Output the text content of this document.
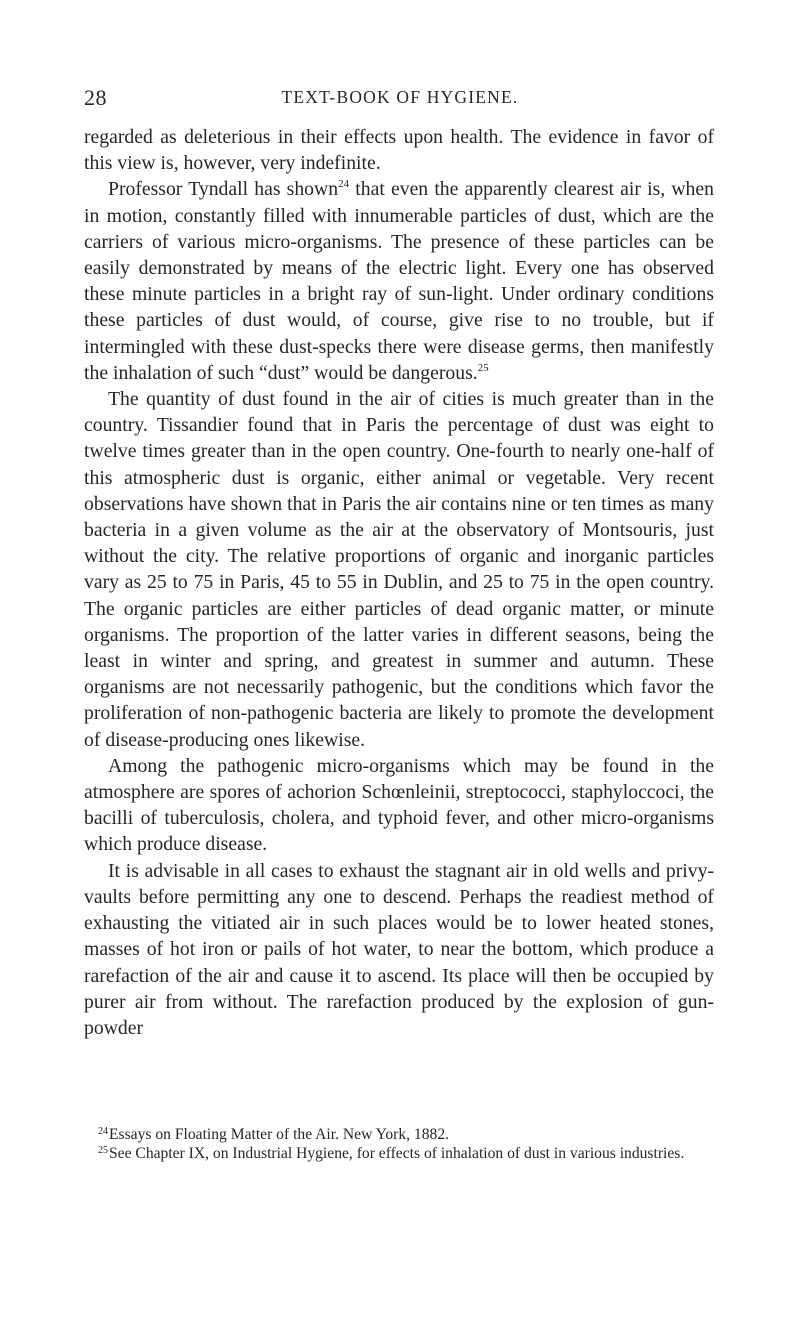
28	TEXT-BOOK OF HYGIENE.

regarded as deleterious in their effects upon health. The evidence in favor of this view is, however, very indefinite.

Professor Tyndall has shown$^{24}$ that even the apparently clearest air is, when in motion, constantly filled with innumerable particles of dust, which are the carriers of various micro-organisms. The presence of these particles can be easily demonstrated by means of the electric light. Every one has observed these minute particles in a bright ray of sun-light. Under ordinary conditions these particles of dust would, of course, give rise to no trouble, but if intermingled with these dust-specks there were disease germs, then manifestly the inhalation of such “dust” would be dangerous.$^{25}$

The quantity of dust found in the air of cities is much greater than in the country. Tissandier found that in Paris the percentage of dust was eight to twelve times greater than in the open country. One-fourth to nearly one-half of this atmospheric dust is organic, either animal or vegetable. Very recent observations have shown that in Paris the air contains nine or ten times as many bacteria in a given volume as the air at the observatory of Montsouris, just without the city. The relative proportions of organic and inorganic particles vary as 25 to 75 in Paris, 45 to 55 in Dublin, and 25 to 75 in the open country. The organic particles are either particles of dead organic matter, or minute organisms. The proportion of the latter varies in different seasons, being the least in winter and spring, and greatest in summer and autumn. These organisms are not necessarily pathogenic, but the conditions which favor the proliferation of non-pathogenic bacteria are likely to promote the development of disease-producing ones likewise.

Among the pathogenic micro-organisms which may be found in the atmosphere are spores of achorion Schœnleinii, streptococci, staphyloccoci, the bacilli of tuberculosis, cholera, and typhoid fever, and other micro-organisms which produce disease.

It is advisable in all cases to exhaust the stagnant air in old wells and privy-vaults before permitting any one to descend. Perhaps the readiest method of exhausting the vitiated air in such places would be to lower heated stones, masses of hot iron or pails of hot water, to near the bottom, which produce a rarefaction of the air and cause it to ascend. Its place will then be occupied by purer air from without. The rarefaction produced by the explosion of gun-powder

$^{24}$Essays on Floating Matter of the Air. New York, 1882.

$^{25}$See Chapter IX, on Industrial Hygiene, for effects of inhalation of dust in various industries.
